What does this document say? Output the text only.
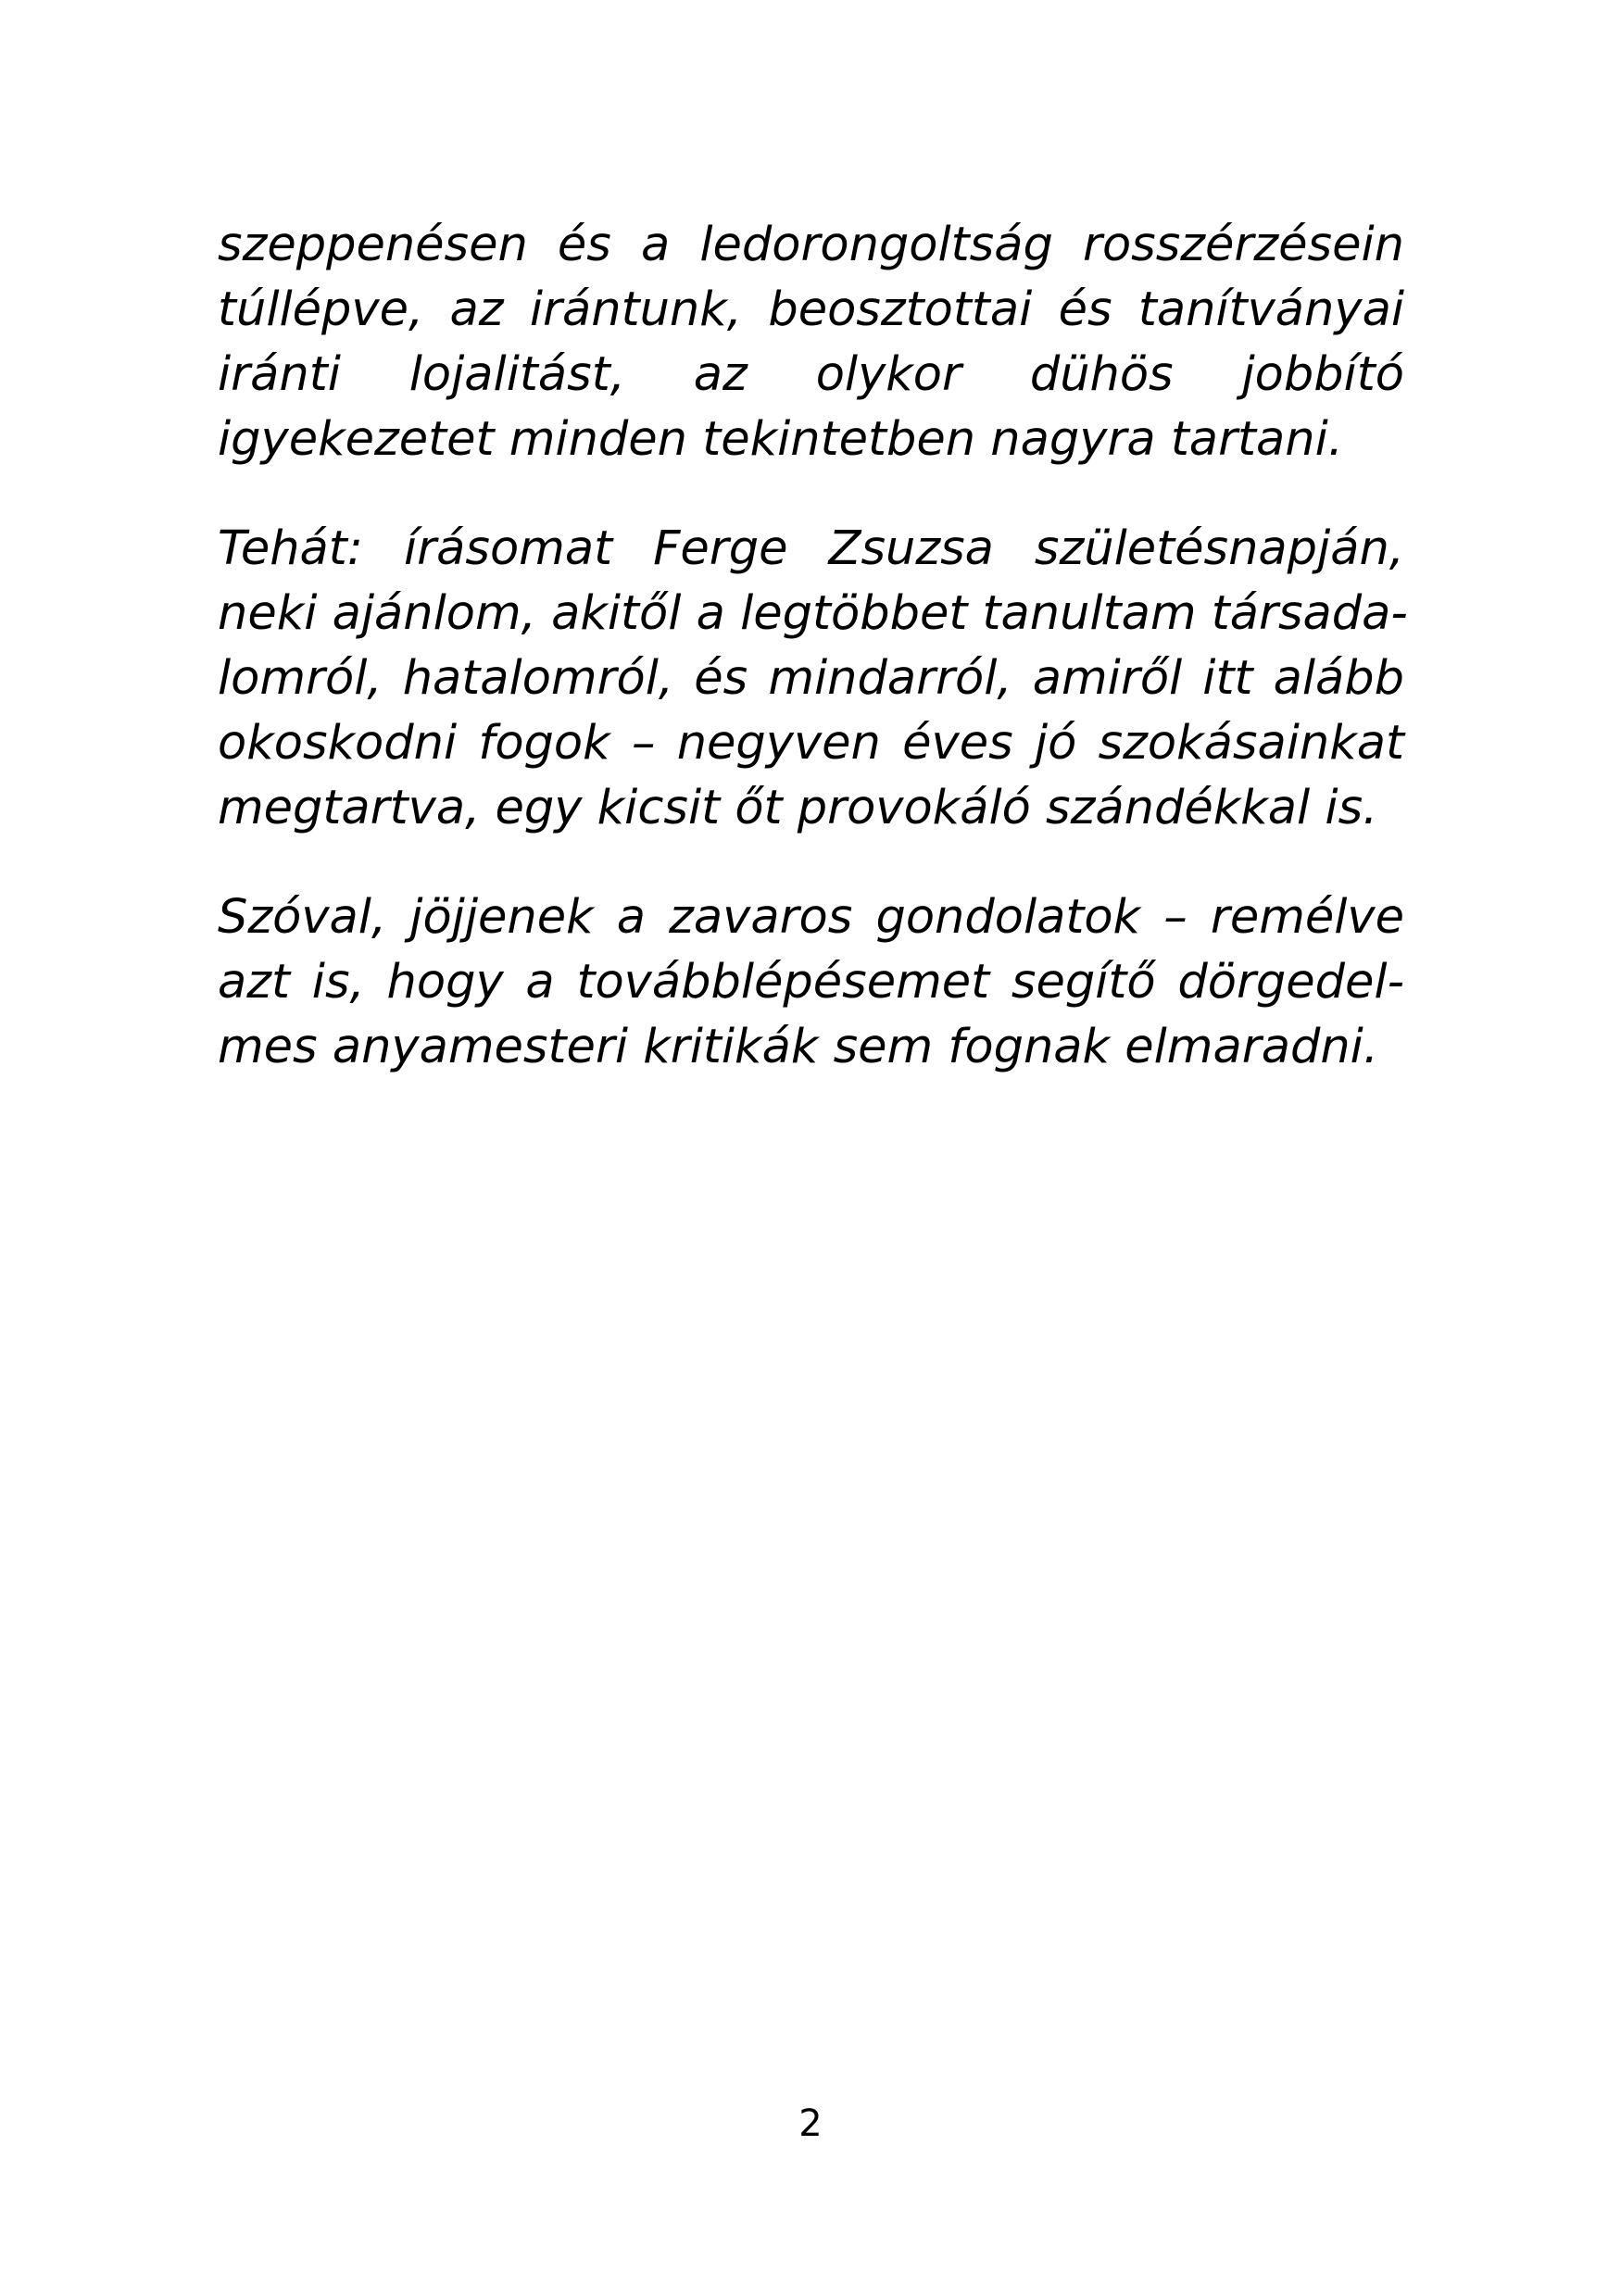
szeppenésen és a ledorongoltság rosszérzésein
túllépve, az irántunk, beosztottai és tanítványai
iránti lojalitást, az olykor dühös jobbító
igyekezetet minden tekintetben nagyra tartani.

Tehát: írásomat Ferge Zsuzsa születésnapján,
neki ajánlom, akitől a legtöbbet tanultam társada-
lomról, hatalomról, és mindarról, amiről itt alább
okoskodni fogok – negyven éves jó szokásainkat
megtartva, egy kicsit őt provokáló szándékkal is.

Szóval, jöjjenek a zavaros gondolatok – remélve
azt is, hogy a továbblépésemet segítő dörgedel-
mes anyamesteri kritikák sem fognak elmaradni.

2
